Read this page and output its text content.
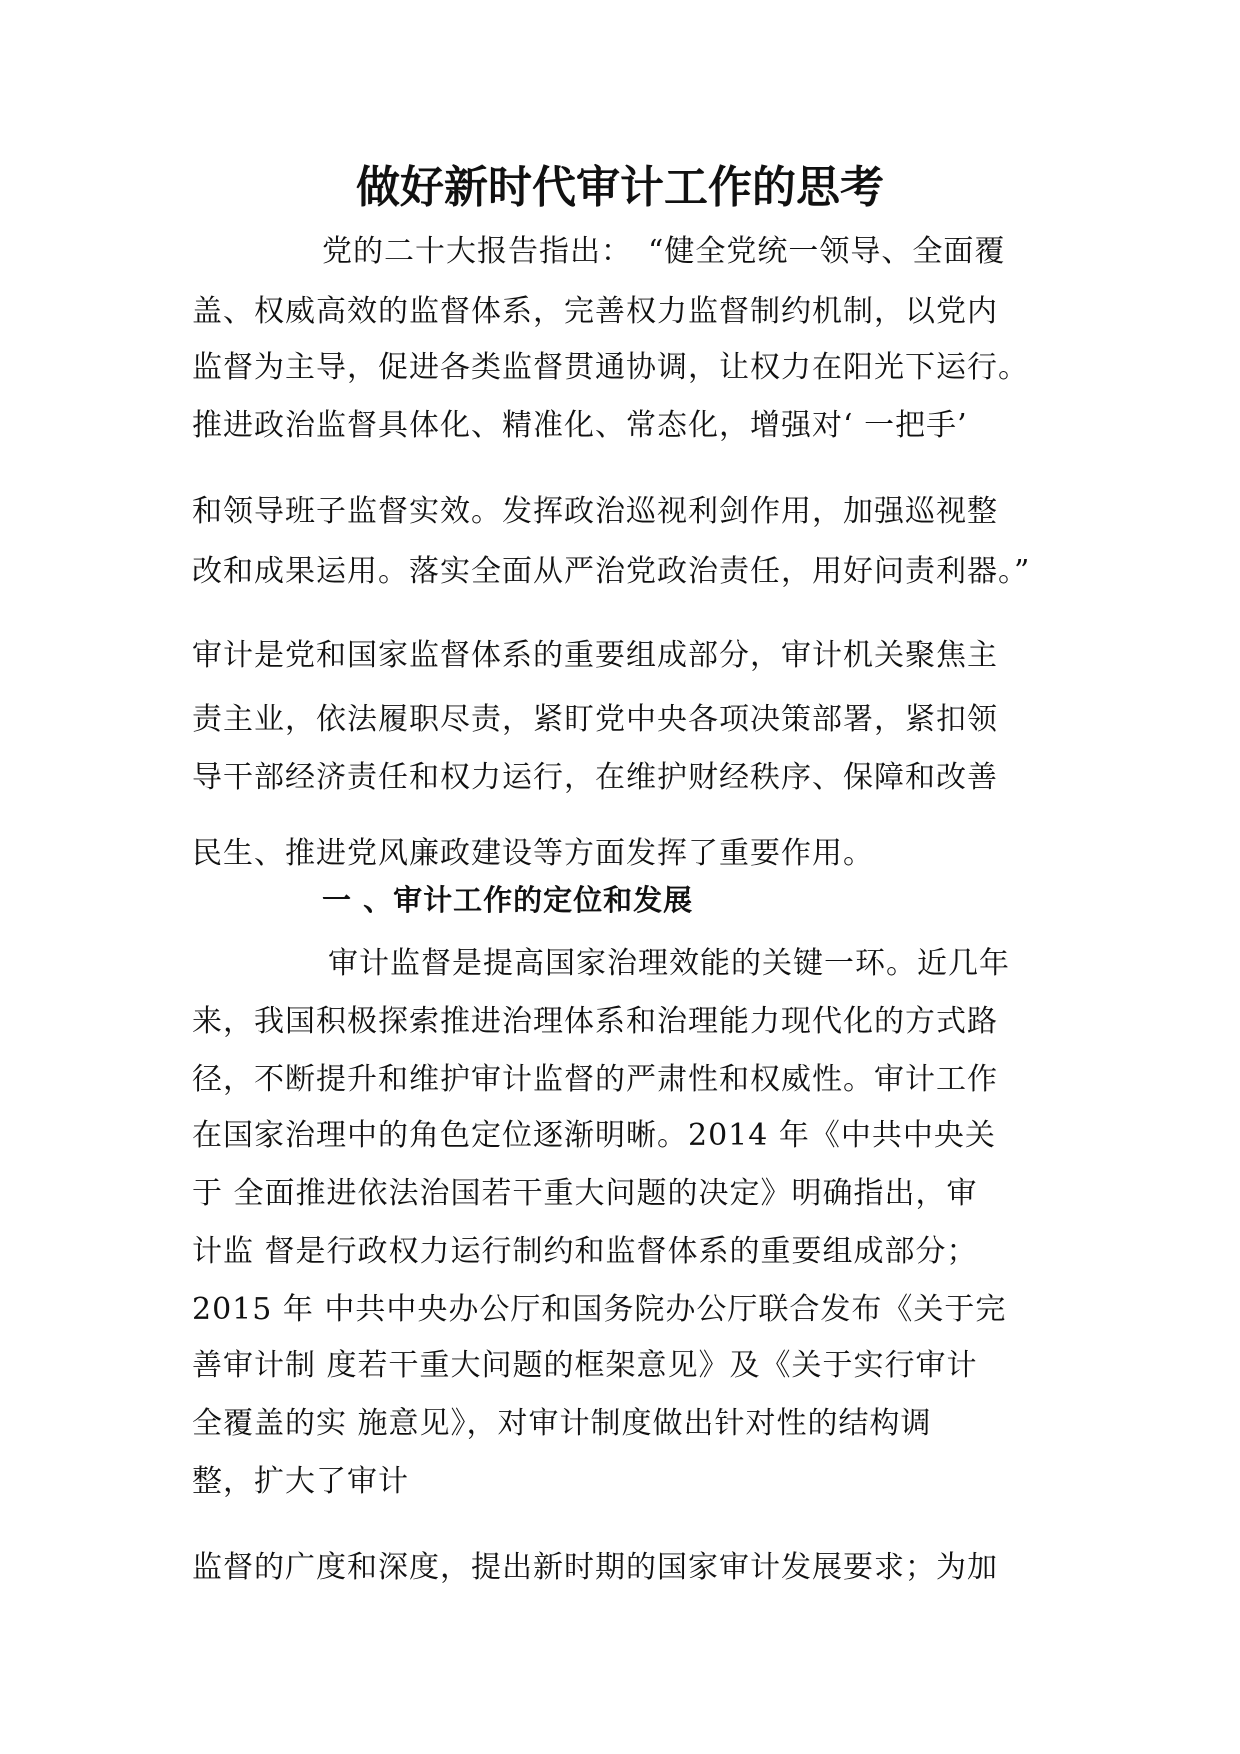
做好新时代审计工作的思考
党的二十大报告指出：　“健全党统一领导、全面覆
盖、权威高效的监督体系，完善权力监督制约机制，以党内
监督为主导，促进各类监督贯通协调，让权力在阳光下运行。
推进政治监督具体化、精准化、常态化，增强对‘ 一把手’
和领导班子监督实效。发挥政治巡视利剑作用，加强巡视整
改和成果运用。落实全面从严治党政治责任，用好问责利器。”
审计是党和国家监督体系的重要组成部分，审计机关聚焦主
责主业，依法履职尽责，紧盯党中央各项决策部署，紧扣领
导干部经济责任和权力运行，在维护财经秩序、保障和改善
民生、推进党风廉政建设等方面发挥了重要作用。
一 、审计工作的定位和发展
审计监督是提高国家治理效能的关键一环。近几年
来，我国积极探索推进治理体系和治理能力现代化的方式路
径，不断提升和维护审计监督的严肃性和权威性。审计工作
在国家治理中的角色定位逐渐明晰。2014 年《中共中央关
于 全面推进依法治国若干重大问题的决定》明确指出，审
计监 督是行政权力运行制约和监督体系的重要组成部分；
2015 年 中共中央办公厅和国务院办公厅联合发布《关于完
善审计制 度若干重大问题的框架意见》及《关于实行审计
全覆盖的实 施意见》，对审计制度做出针对性的结构调
整，扩大了审计
监督的广度和深度，提出新时期的国家审计发展要求；为加
